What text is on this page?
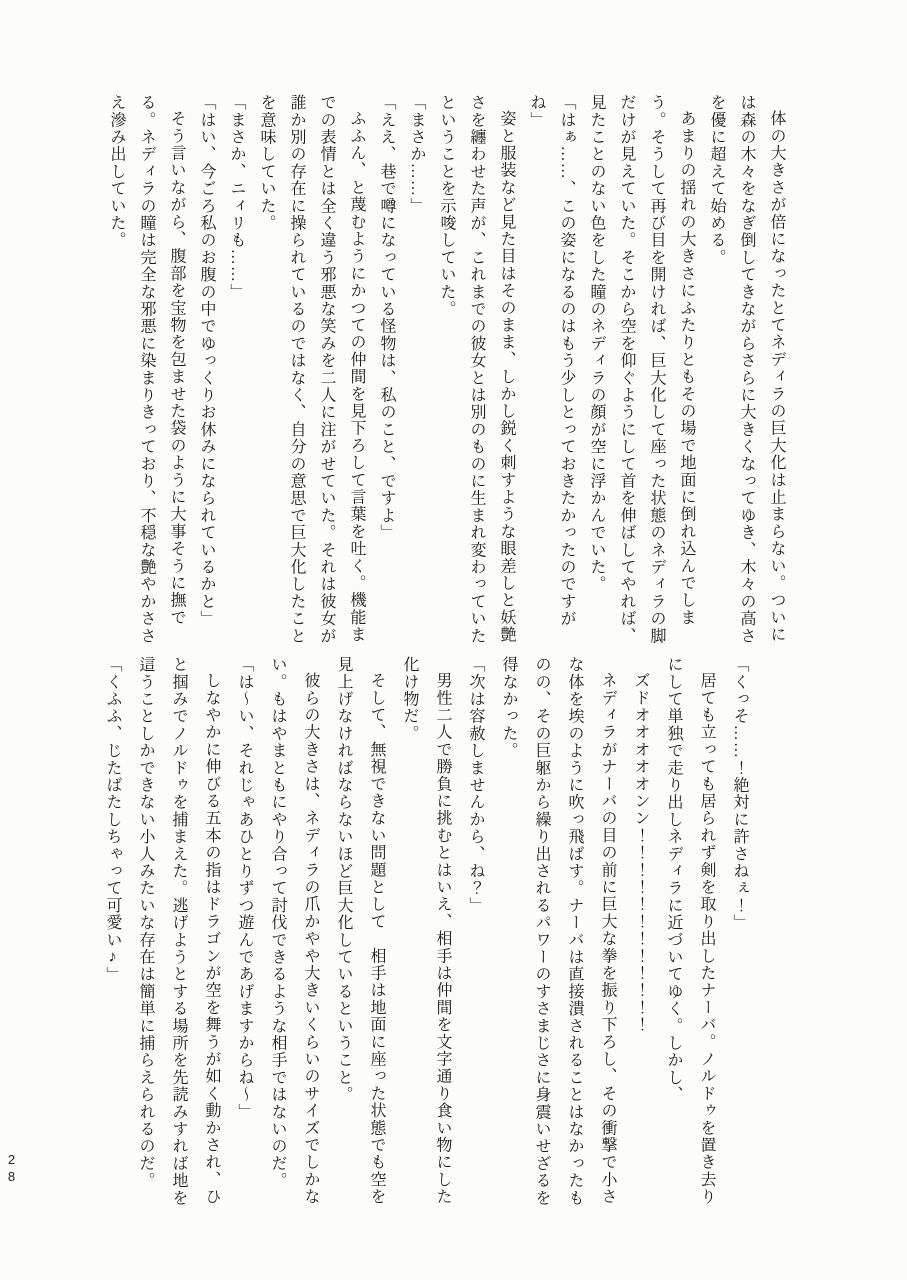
体の大きさが倍になったとてネディラの巨大化は止まらない。ついには森の木々をなぎ倒してきながらさらに大きくなってゆき、木々の高さを優に超えて始める。

あまりの揺れの大きさにふたりともその場で地面に倒れ込んでしまう。そうして再び目を開ければ、巨大化して座った状態のネディラの脚だけが見えていた。そこから空を仰ぐようにして首を伸ばしてやれば、見たことのない色をした瞳のネディラの顔が空に浮かんでいた。

「はぁ……、この姿になるのはもう少しとっておきたかったのですがね」

姿と服装など見た目はそのまま、しかし鋭く刺すような眼差しと妖艶さを纏わせた声が、これまでの彼女とは別のものに生まれ変わっていたということを示唆していた。

「まさか……」

「ええ、巷で噂になっている怪物は、私のこと、ですよ」

ふふん、と蔑むようにかつての仲間を見下ろして言葉を吐く。機能までの表情とは全く違う邪悪な笑みを二人に注がせていた。それは彼女が誰か別の存在に操られているのではなく、自分の意思で巨大化したことを意味していた。

「まさか、ニィリも……」

「はい、今ごろ私のお腹の中でゆっくりお休みになられているかと」

そう言いながら、腹部を宝物を包ませた袋のように大事そうに撫でる。ネディラの瞳は完全な邪悪に染まりきっており、不穏な艶やかささえ滲み出していた。

「くっそ……！絶対に許さねぇ！」

居ても立っても居られず剣を取り出したナーバ。ノルドゥを置き去りにして単独で走り出しネディラに近づいてゆく。しかし、

ズドオオオオオンン！！！！！！！！！！！！

ネディラがナーバの目の前に巨大な拳を振り下ろし、その衝撃で小さな体を埃のように吹っ飛ばす。ナーバは直接潰されることはなかったものの、その巨躯から繰り出されるパワーのすさまじさに身震いせざるを得なかった。

「次は容赦しませんから、ね？」

男性二人で勝負に挑むとはいえ、相手は仲間を文字通り食い物にした化け物だ。

そして、無視できない問題として　相手は地面に座った状態でも空を見上げなければならないほど巨大化しているということ。

彼らの大きさは、ネディラの爪かやや大きいくらいのサイズでしかない。もはやまともにやり合って討伐できるような相手ではないのだ。

「は〜い、それじゃあひとりずつ遊んであげますからね〜」

しなやかに伸びる五本の指はドラゴンが空を舞うが如く動かされ、ひと掴みでノルドゥを捕まえた。逃げようとする場所を先読みすれば地を這うことしかできない小人みたいな存在は簡単に捕らえられるのだ。

「くふふ、じたばたしちゃって可愛い♪」

28
